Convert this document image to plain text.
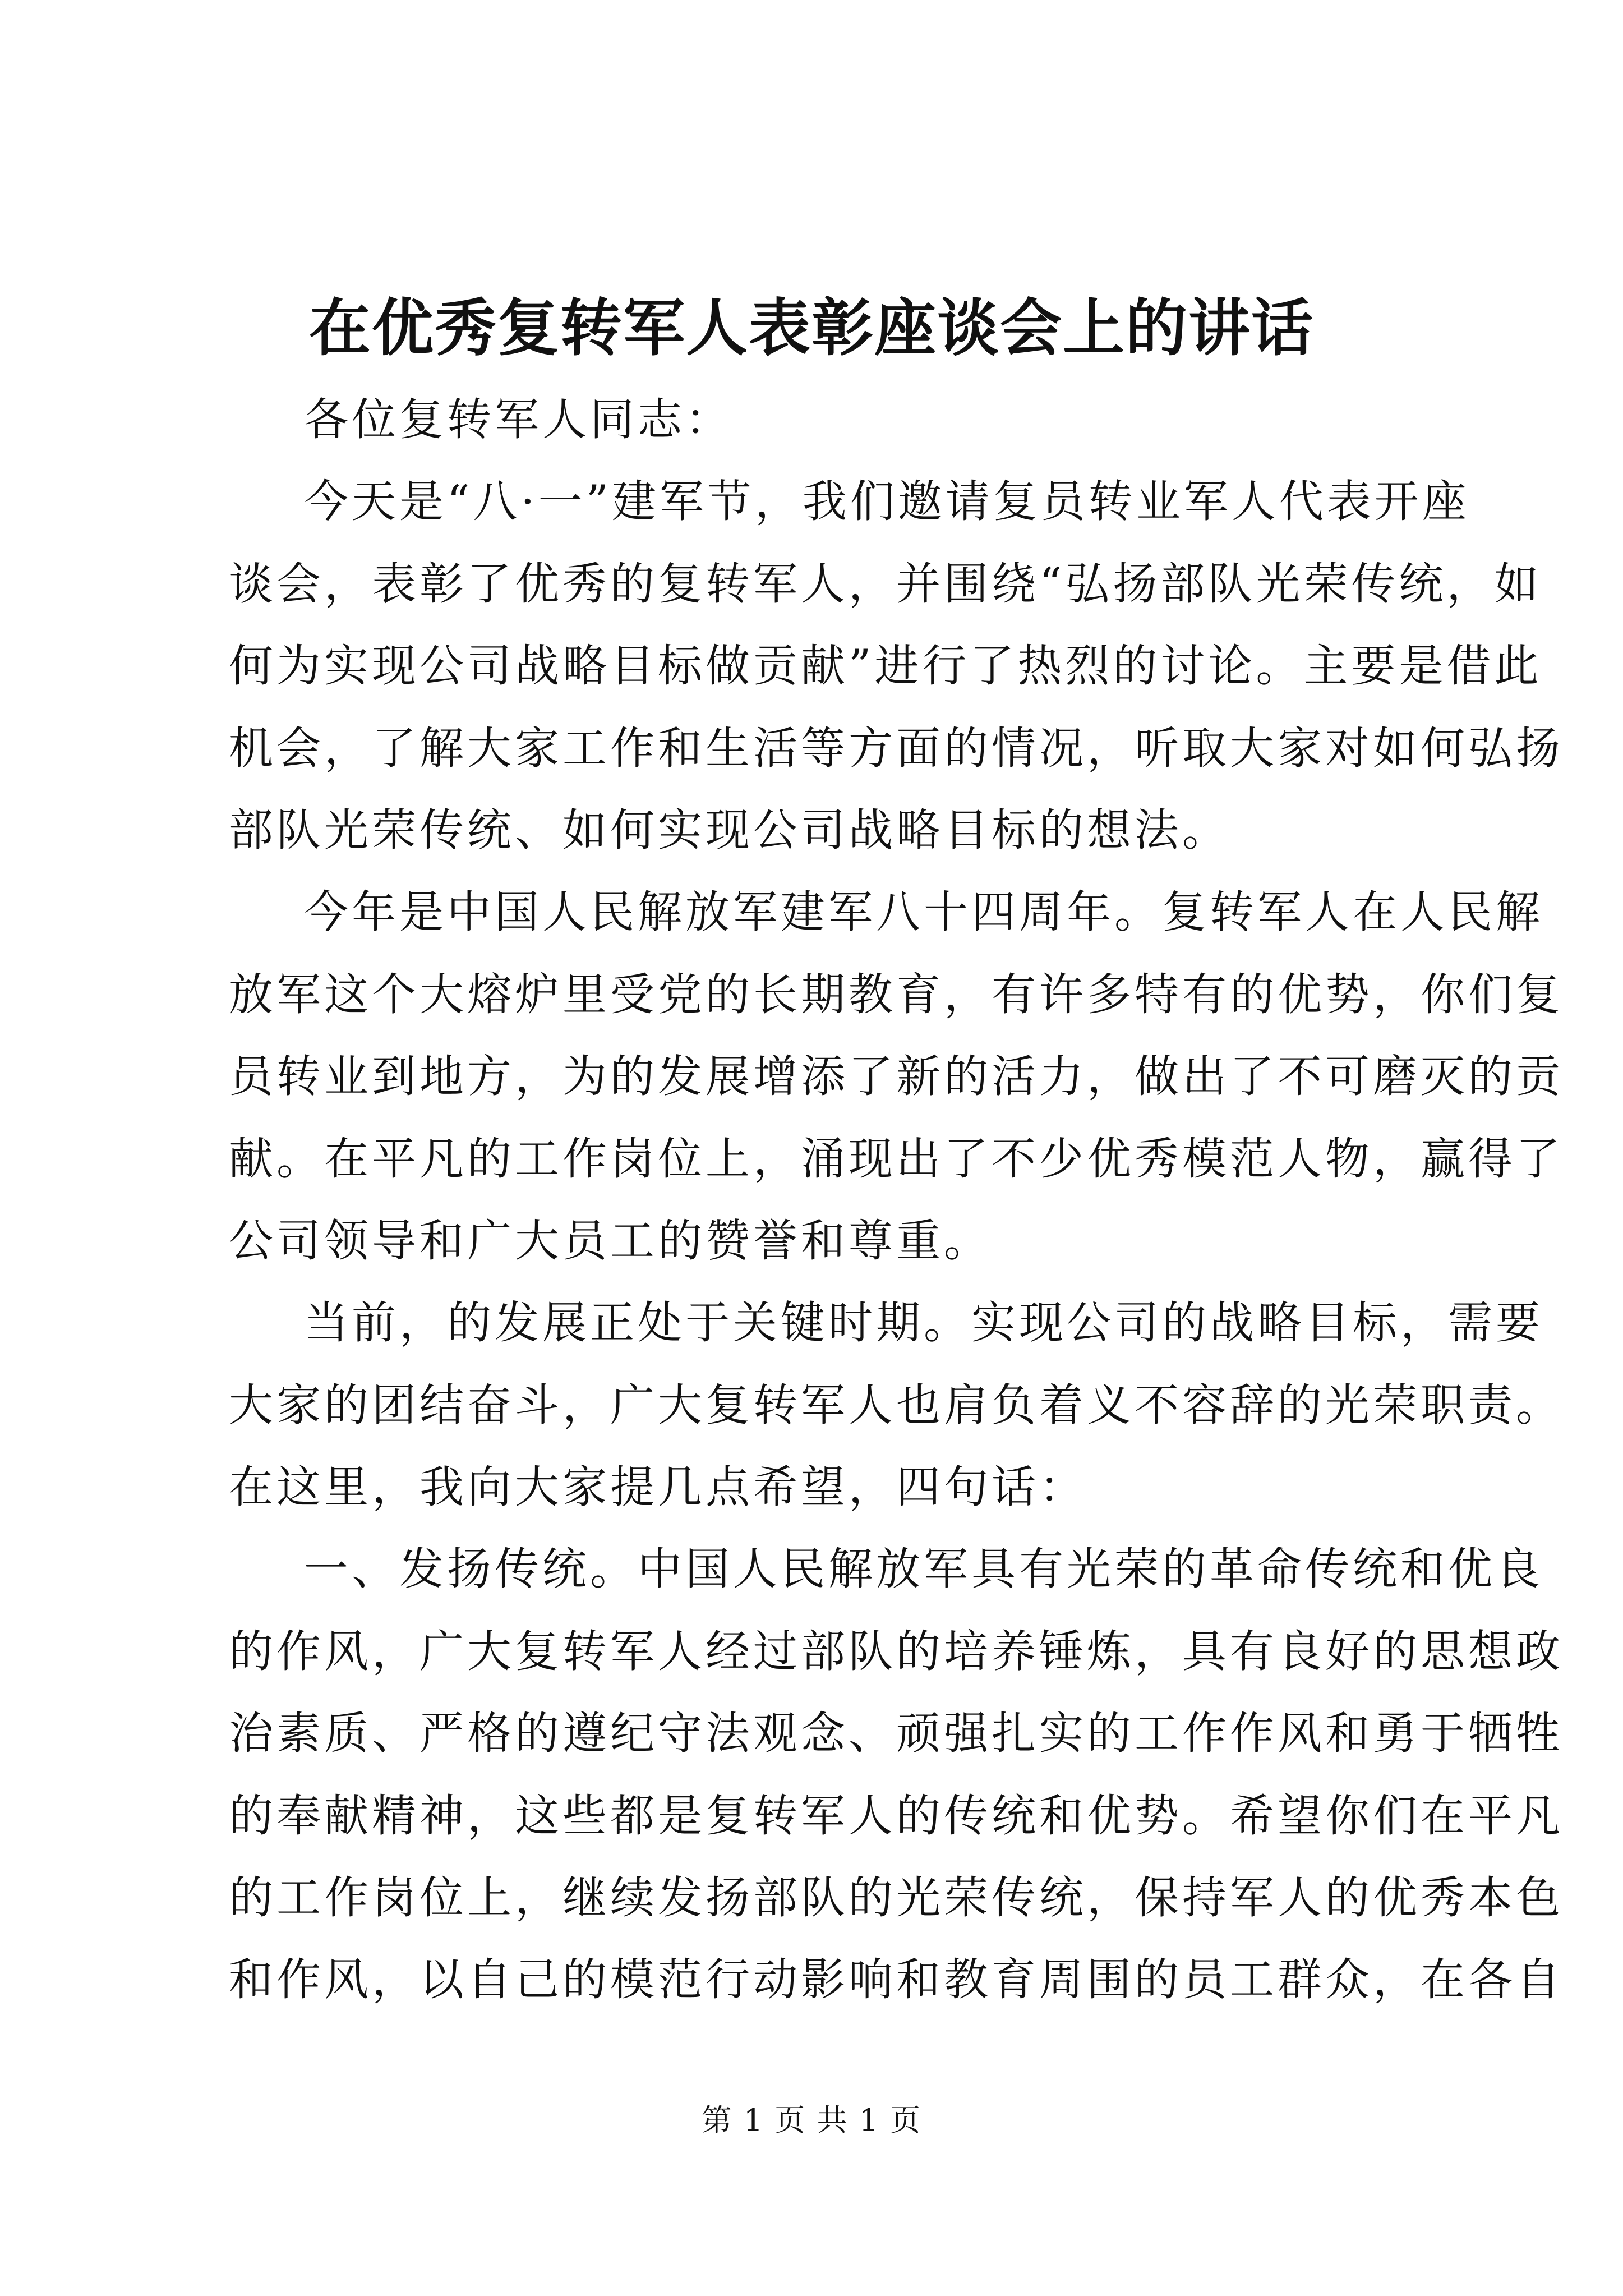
在优秀复转军人表彰座谈会上的讲话
各位复转军人同志：
今天是“八·一”建军节，我们邀请复员转业军人代表开座
谈会，表彰了优秀的复转军人，并围绕“弘扬部队光荣传统，如
何为实现公司战略目标做贡献”进行了热烈的讨论。主要是借此
机会，了解大家工作和生活等方面的情况，听取大家对如何弘扬
部队光荣传统、如何实现公司战略目标的想法。
今年是中国人民解放军建军八十四周年。复转军人在人民解
放军这个大熔炉里受党的长期教育，有许多特有的优势，你们复
员转业到地方，为的发展增添了新的活力，做出了不可磨灭的贡
献。在平凡的工作岗位上，涌现出了不少优秀模范人物，赢得了
公司领导和广大员工的赞誉和尊重。
当前，的发展正处于关键时期。实现公司的战略目标，需要
大家的团结奋斗，广大复转军人也肩负着义不容辞的光荣职责。
在这里，我向大家提几点希望，四句话：
一、发扬传统。中国人民解放军具有光荣的革命传统和优良
的作风，广大复转军人经过部队的培养锤炼，具有良好的思想政
治素质、严格的遵纪守法观念、顽强扎实的工作作风和勇于牺牲
的奉献精神，这些都是复转军人的传统和优势。希望你们在平凡
的工作岗位上，继续发扬部队的光荣传统，保持军人的优秀本色
和作风，以自己的模范行动影响和教育周围的员工群众，在各自
第 1 页 共 1 页
